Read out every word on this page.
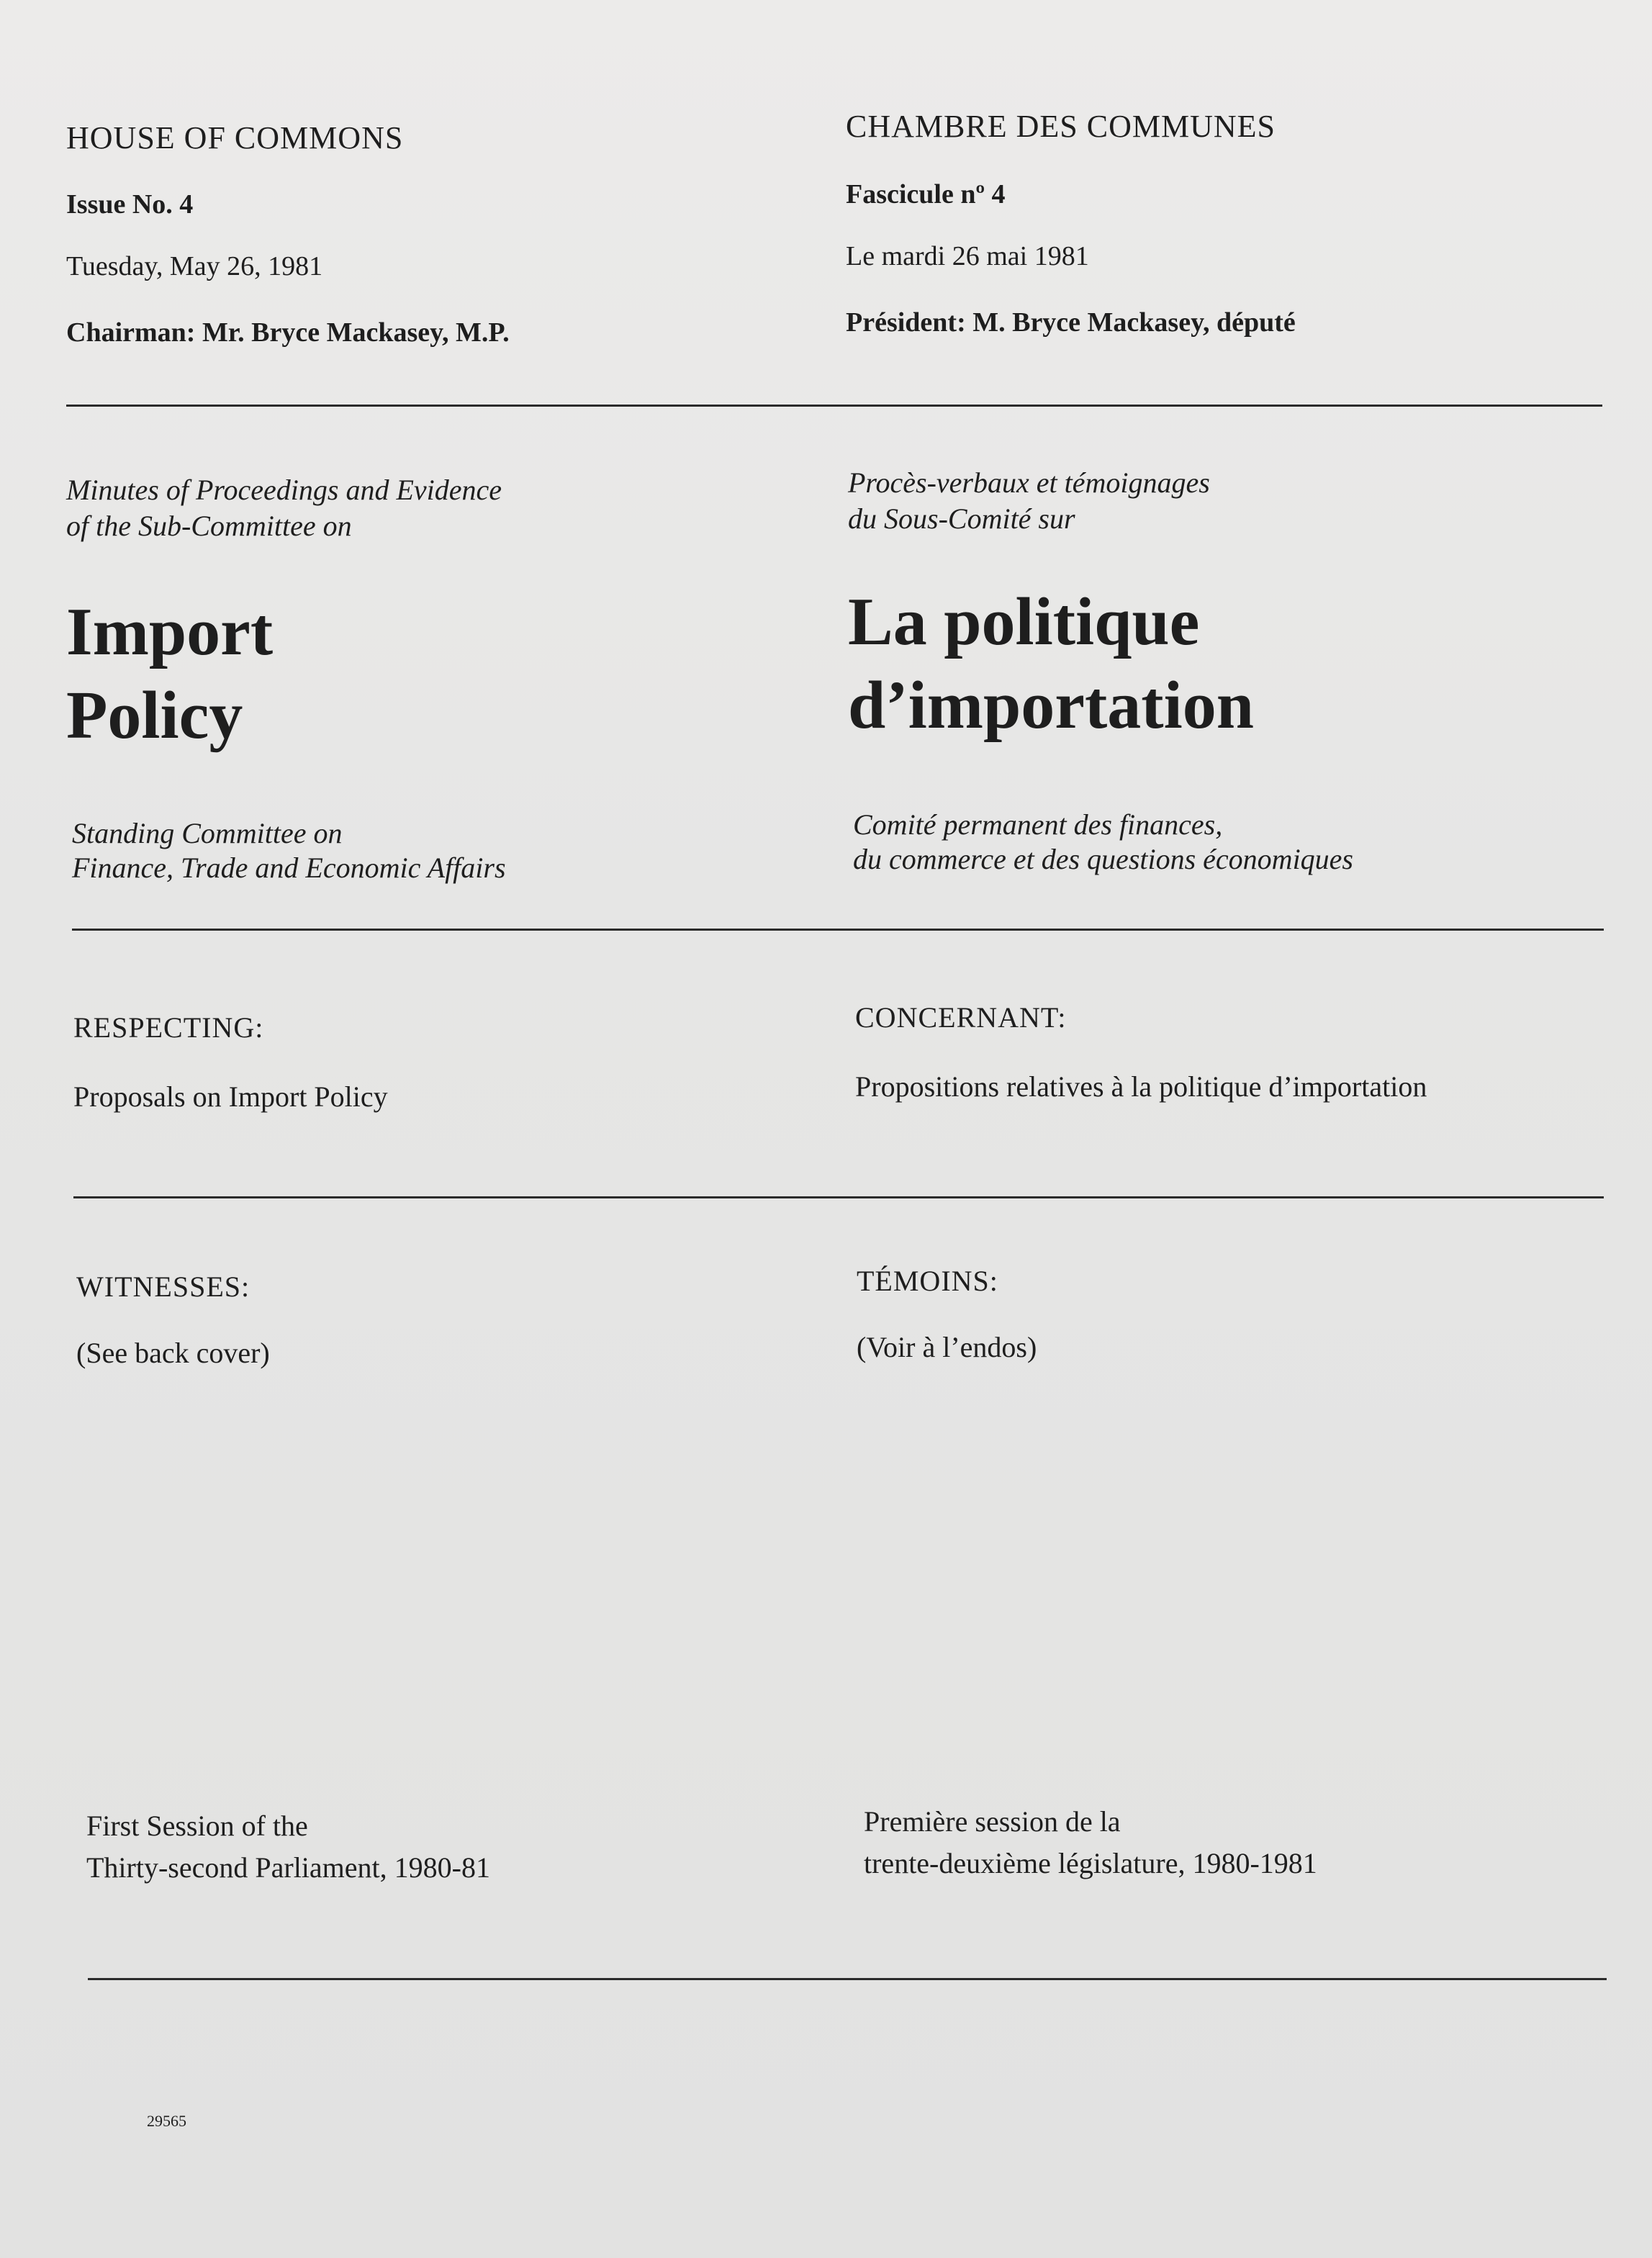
HOUSE OF COMMONS
Issue No. 4
Tuesday, May 26, 1981
Chairman: Mr. Bryce Mackasey, M.P.
CHAMBRE DES COMMUNES
Fascicule nº 4
Le mardi 26 mai 1981
Président: M. Bryce Mackasey, député
Minutes of Proceedings and Evidence
of the Sub-Committee on
Procès-verbaux et témoignages
du Sous-Comité sur
Import
Policy
La politique
d’importation
Standing Committee on
Finance, Trade and Economic Affairs
Comité permanent des finances,
du commerce et des questions économiques
RESPECTING:
Proposals on Import Policy
CONCERNANT:
Propositions relatives à la politique d’importation
WITNESSES:
(See back cover)
TÉMOINS:
(Voir à l’endos)
First Session of the
Thirty-second Parliament, 1980-81
Première session de la
trente-deuxième législature, 1980-1981
29565
